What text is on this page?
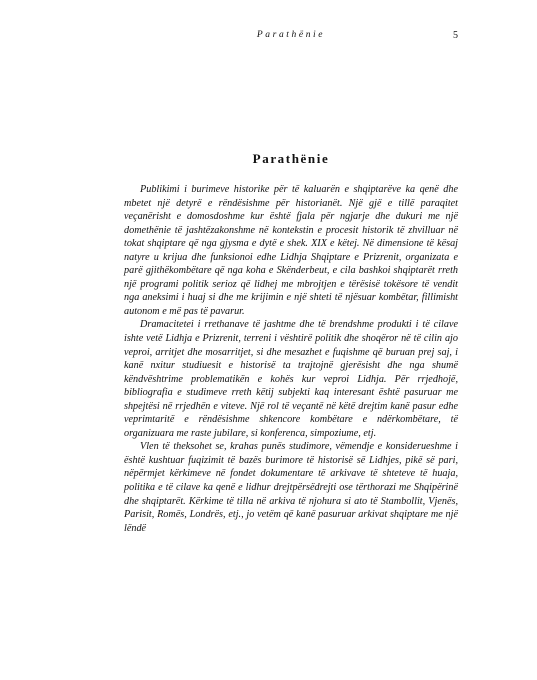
Parathënie	5
Parathënie

Publikimi i burimeve historike për të kaluarën e shqiptarëve ka qenë dhe mbetet një detyrë e rëndësishme për historianët. Një gjë e tillë paraqitet veçanërisht e domosdoshme kur është fjala për ngjarje dhe dukuri me një domethënie të jashtëzakonshme në kontekstin e procesit historik të zhvilluar në tokat shqiptare që nga gjysma e dytë e shek. XIX e këtej. Në dimensione të kësaj natyre u krijua dhe funksionoi edhe Lidhja Shqiptare e Prizrenit, organizata e parë gjithëkombëtare që nga koha e Skënderbeut, e cila bashkoi shqiptarët rreth një programi politik serioz që lidhej me mbrojtjen e tërësisë tokësore të vendit nga aneksimi i huaj si dhe me krijimin e një shteti të njësuar kombëtar, fillimisht autonom e më pas të pavarur.

Dramacitetei i rrethanave të jashtme dhe të brendshme produkti i të cilave ishte vetë Lidhja e Prizrenit, terreni i vështirë politik dhe shoqëror në të cilin ajo veproi, arritjet dhe mosarritjet, si dhe mesazhet e fuqishme që buruan prej saj, i kanë nxitur studiuesit e historisë ta trajtojnë gjerësisht dhe nga shumë këndvështrime problematikën e kohës kur veproi Lidhja. Për rrjedhojë, bibliografia e studimeve rreth këtij subjekti kaq interesant është pasuruar me shpejtësi në rrjedhën e viteve. Një rol të veçantë në këtë drejtim kanë pasur edhe veprimtaritë e rëndësishme shkencore kombëtare e ndërkombëtare, të organizuara me raste jubilare, si konferenca, simpoziume, etj.

Vlen të theksohet se, krahas punës studimore, vëmendje e konsiderueshme i është kushtuar fuqizimit të bazës burimore të historisë së Lidhjes, pikë së pari, nëpërmjet kërkimeve në fondet dokumentare të arkivave të shteteve të huaja, politika e të cilave ka qenë e lidhur drejtpërsëdrejti ose tërthorazi me Shqipërinë dhe shqiptarët. Kërkime të tilla në arkiva të njohura si ato të Stambollit, Vjenës, Parisit, Romës, Londrës, etj., jo vetëm që kanë pasuruar arkivat shqiptare me një lëndë
